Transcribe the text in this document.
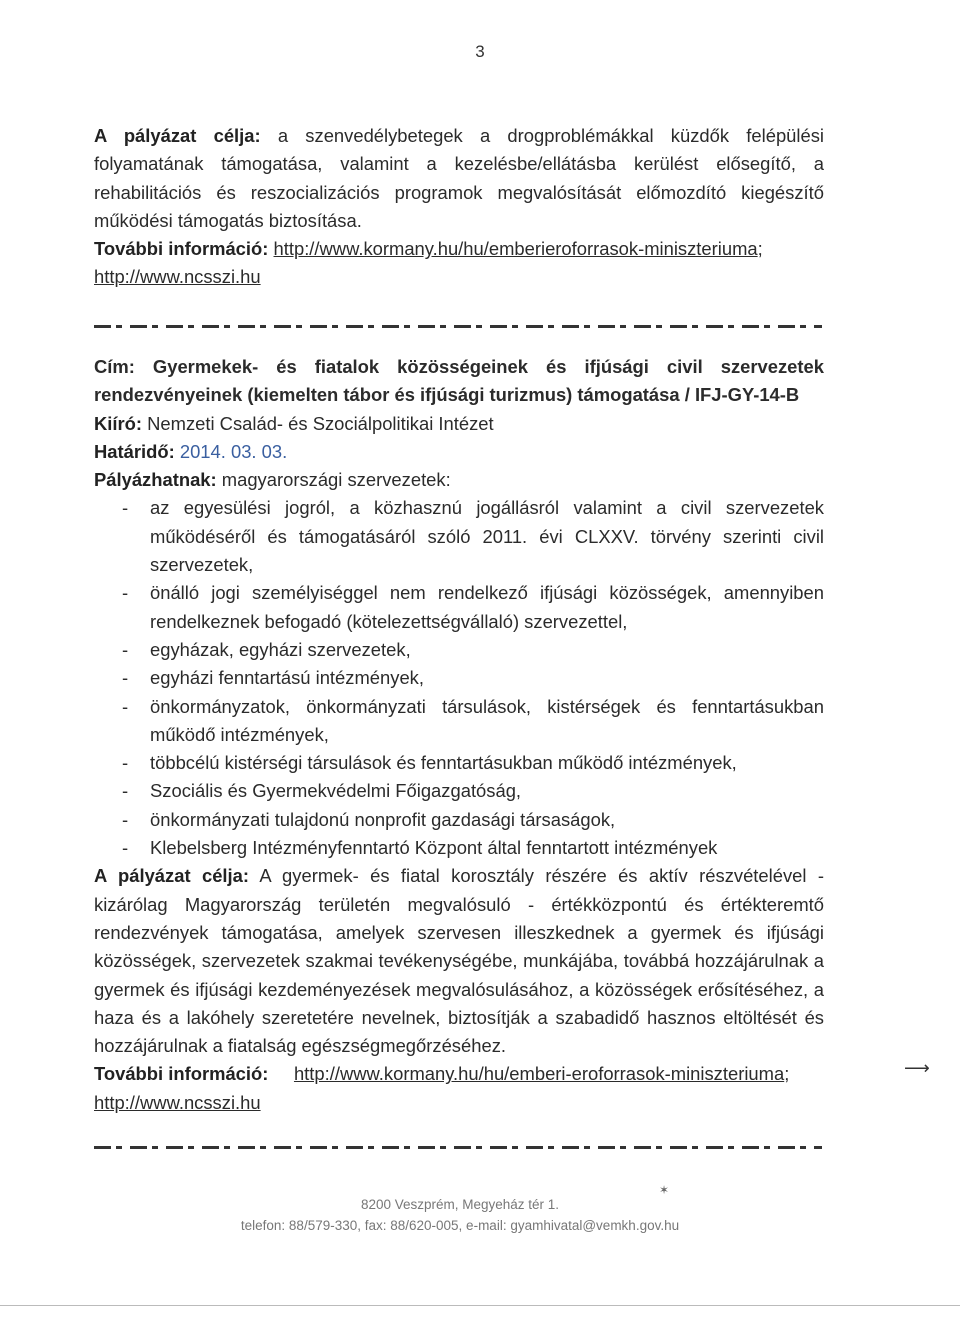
3

A pályázat célja: a szenvedélybetegek a drogproblémákkal küzdők felépülési folyamatának támogatása, valamint a kezelésbe/ellátásba kerülést elősegítő, a rehabilitációs és reszocializációs programok megvalósítását előmozdító kiegészítő működési támogatás biztosítása.

További információ: http://www.kormany.hu/hu/emberieroforrasok-miniszteriuma;
http://www.ncsszi.hu

Cím: Gyermekek- és fiatalok közösségeinek és ifjúsági civil szervezetek rendezvényeinek (kiemelten tábor és ifjúsági turizmus) támogatása / IFJ-GY-14-B

Kiíró: Nemzeti Család- és Szociálpolitikai Intézet

Határidő: 2014. 03. 03.

Pályázhatnak: magyarországi szervezetek:

- az egyesülési jogról, a közhasznú jogállásról valamint a civil szervezetek működéséről és támogatásáról szóló 2011. évi CLXXV. törvény szerinti civil szervezetek,
- önálló jogi személyiséggel nem rendelkező ifjúsági közösségek, amennyiben rendelkeznek befogadó (kötelezettségvállaló) szervezettel,
- egyházak, egyházi szervezetek,
- egyházi fenntartású intézmények,
- önkormányzatok, önkormányzati társulások, kistérségek és fenntartásukban működő intézmények,
- többcélú kistérségi társulások és fenntartásukban működő intézmények,
- Szociális és Gyermekvédelmi Főigazgatóság,
- önkormányzati tulajdonú nonprofit gazdasági társaságok,
- Klebelsberg Intézményfenntartó Központ által fenntartott intézmények

A pályázat célja: A gyermek- és fiatal korosztály részére és aktív részvételével - kizárólag Magyarország területén megvalósuló - értékközpontú és értékteremtő rendezvények támogatása, amelyek szervesen illeszkednek a gyermek és ifjúsági közösségek, szervezetek szakmai tevékenységébe, munkájába, továbbá hozzájárulnak a gyermek és ifjúsági kezdeményezések megvalósulásához, a közösségek erősítéséhez, a haza és a lakóhely szeretetére nevelnek, biztosítják a szabadidő hasznos eltöltését és hozzájárulnak a fiatalság egészségmegőrzéséhez.

További információ: http://www.kormany.hu/hu/emberi-eroforrasok-miniszteriuma;
http://www.ncsszi.hu

⟶
✶
8200 Veszprém, Megyeház tér 1.
telefon: 88/579-330, fax: 88/620-005, e-mail: gyamhivatal@vemkh.gov.hu
